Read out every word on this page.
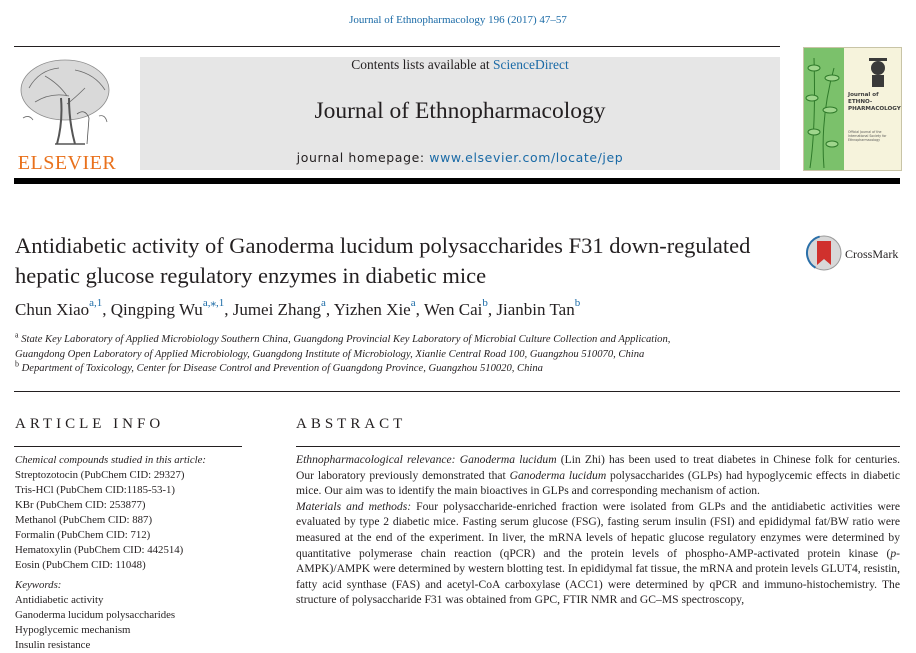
Journal of Ethnopharmacology 196 (2017) 47–57
ELSEVIER
Contents lists available at ScienceDirect
Journal of Ethnopharmacology
journal homepage: www.elsevier.com/locate/jep
Journal of ETHNO-PHARMACOLOGY
Official Journal of the International Society for Ethnopharmacology
Antidiabetic activity of Ganoderma lucidum polysaccharides F31 down-regulated hepatic glucose regulatory enzymes in diabetic mice
CrossMark
Chun Xiao$^{a,1}$, Qingping $Wu^{a,⁎,1}$, Jumei Zhang$^a$, Yizhen Xie$^a$, Wen Cai$^b$, Jianbin Tan$^b$
$^a$ State Key Laboratory of Applied Microbiology Southern China, Guangdong Provincial Key Laboratory of Microbial Culture Collection and Application,
Guangdong Open Laboratory of Applied Microbiology, Guangdong Institute of Microbiology, Xianlie Central Road 100, Guangzhou 510070, China
$^b$ Department of Toxicology, Center for Disease Control and Prevention of Guangdong Province, Guangzhou 510020, China
ARTICLE INFO	ABSTRACT
Chemical compounds studied in this article:
Streptozotocin (PubChem CID: 29327)
Tris-HCl (PubChem CID:1185-53-1)
KBr (PubChem CID: 253877)
Methanol (PubChem CID: 887)
Formalin (PubChem CID: 712)
Hematoxylin (PubChem CID: 442514)
Eosin (PubChem CID: 11048)
Keywords:
Antidiabetic activity
Ganoderma lucidum polysaccharides
Hypoglycemic mechanism
Insulin resistance

Ethnopharmacological relevance: Ganoderma lucidum (Lin Zhi) has been used to treat diabetes in Chinese folk for centuries. Our laboratory previously demonstrated that Ganoderma lucidum polysaccharides (GLPs) had hypoglycemic effects in diabetic mice. Our aim was to identify the main bioactives in GLPs and corresponding mechanism of action.

Materials and methods: Four polysaccharide-enriched fraction were isolated from GLPs and the antidiabetic activities were evaluated by type 2 diabetic mice. Fasting serum glucose (FSG), fasting serum insulin (FSI) and epididymal fat/BW ratio were measured at the end of the experiment. In liver, the mRNA levels of hepatic glucose regulatory enzymes were determined by quantitative polymerase chain reaction (qPCR) and the protein levels of phospho-AMP-activated protein kinase (p-AMPK)/AMPK were determined by western blotting test. In epididymal fat tissue, the mRNA and protein levels GLUT4, resistin, fatty acid synthase (FAS) and acetyl-CoA carboxylase (ACC1) were determined by qPCR and immuno-histochemistry. The structure of polysaccharide F31 was obtained from GPC, FTIR NMR and GC–MS spectroscopy,
